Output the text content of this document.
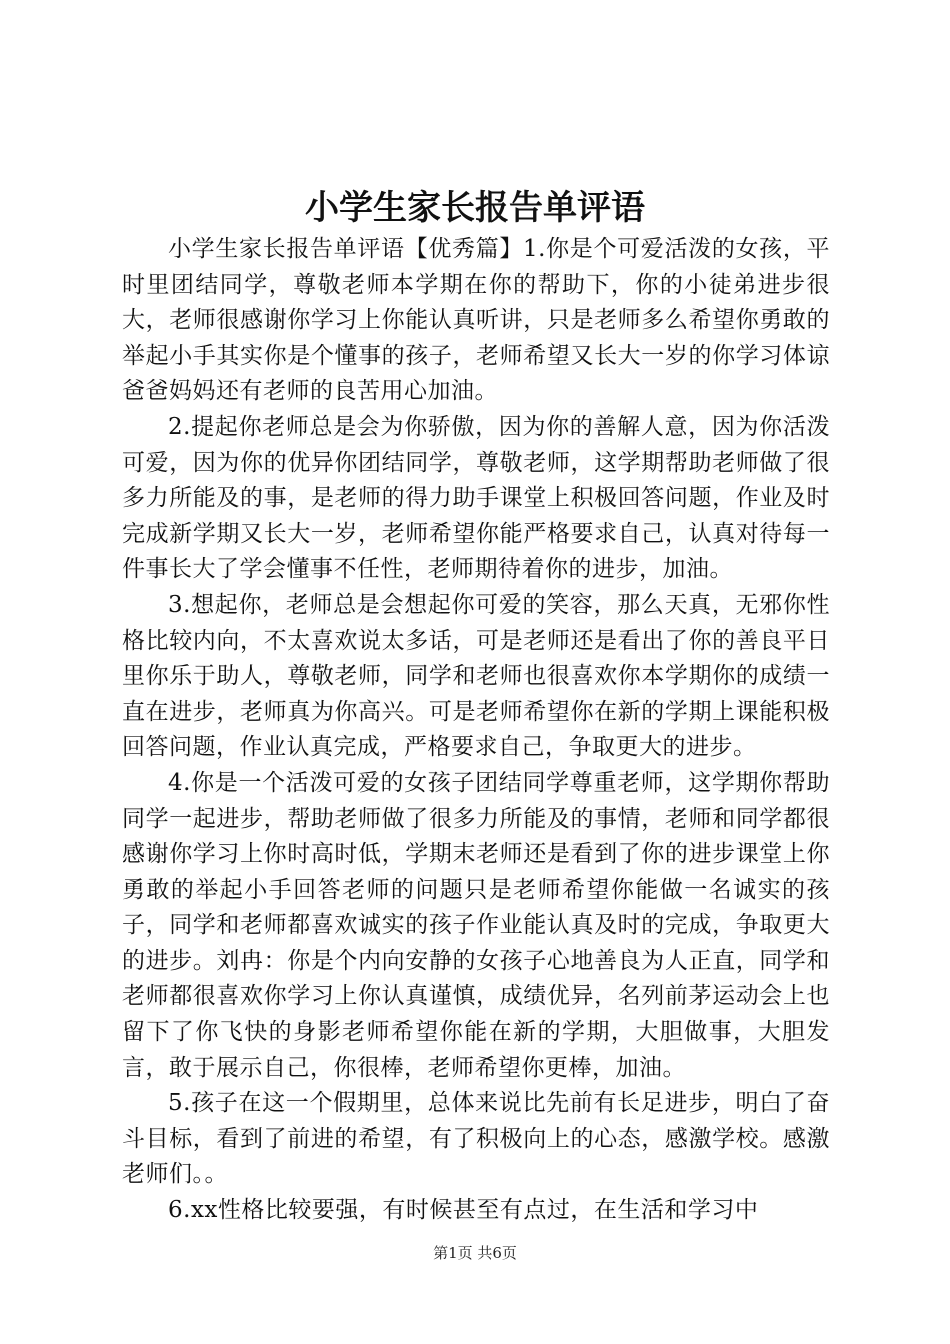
小学生家长报告单评语

小学生家长报告单评语【优秀篇】1.你是个可爱活泼的女孩，平时里团结同学，尊敬老师本学期在你的帮助下，你的小徒弟进步很大，老师很感谢你学习上你能认真听讲，只是老师多么希望你勇敢的举起小手其实你是个懂事的孩子，老师希望又长大一岁的你学习体谅爸爸妈妈还有老师的良苦用心加油。

2.提起你老师总是会为你骄傲，因为你的善解人意，因为你活泼可爱，因为你的优异你团结同学，尊敬老师，这学期帮助老师做了很多力所能及的事，是老师的得力助手课堂上积极回答问题，作业及时完成新学期又长大一岁，老师希望你能严格要求自己，认真对待每一件事长大了学会懂事不任性，老师期待着你的进步，加油。

3.想起你，老师总是会想起你可爱的笑容，那么天真，无邪你性格比较内向，不太喜欢说太多话，可是老师还是看出了你的善良平日里你乐于助人，尊敬老师，同学和老师也很喜欢你本学期你的成绩一直在进步，老师真为你高兴。可是老师希望你在新的学期上课能积极回答问题，作业认真完成，严格要求自己，争取更大的进步。

4.你是一个活泼可爱的女孩子团结同学尊重老师，这学期你帮助同学一起进步，帮助老师做了很多力所能及的事情，老师和同学都很感谢你学习上你时高时低，学期末老师还是看到了你的进步课堂上你勇敢的举起小手回答老师的问题只是老师希望你能做一名诚实的孩子，同学和老师都喜欢诚实的孩子作业能认真及时的完成，争取更大的进步。刘冉：你是个内向安静的女孩子心地善良为人正直，同学和老师都很喜欢你学习上你认真谨慎，成绩优异，名列前茅运动会上也留下了你飞快的身影老师希望你能在新的学期，大胆做事，大胆发言，敢于展示自己，你很棒，老师希望你更棒，加油。

5.孩子在这一个假期里，总体来说比先前有长足进步，明白了奋斗目标，看到了前进的希望，有了积极向上的心态，感激学校。感激老师们。。

6.xx性格比较要强，有时候甚至有点过，在生活和学习中

第1页 共6页
